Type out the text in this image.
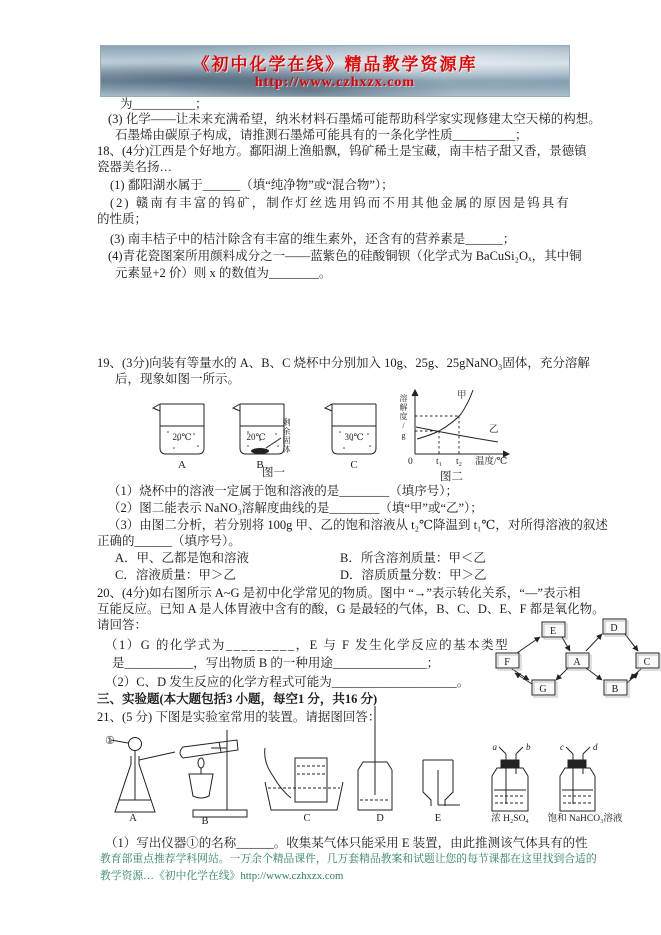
《初中化学在线》精品教学资源库
http://www.czhxzx.com
为__________；
(3) 化学——让未来充满希望，纳米材料石墨烯可能帮助科学家实现修建太空天梯的构想。
石墨烯由碳原子构成，请推测石墨烯可能具有的一条化学性质__________；
18、(4分)江西是个好地方。鄱阳湖上渔船飘，钨矿稀土是宝藏，南丰桔子甜又香，景德镇
瓷器美名扬…
(1) 鄱阳湖水属于______（填“纯净物”或“混合物”）；
(2) 赣南有丰富的钨矿，制作灯丝选用钨而不用其他金属的原因是钨具有
的性质；
(3) 南丰桔子中的桔汁除含有丰富的维生素外，还含有的营养素是______；
(4)青花瓷图案所用颜料成分之一——蓝紫色的硅酸铜钡（化学式为 BaCuSi₂Oₓ，其中铜
元素显+2 价）则 x 的数值为________。
19、(3分)向装有等量水的 A、B、C 烧杯中分别加入 10g、25g、25gNaNO₃固体，充分溶解
后，现象如图一所示。
20℃	20℃	30℃
A	B	C
剩余固体
图一
甲
乙
0 t₁ t₂ 温度/℃
溶解度/g
图二
（1）烧杯中的溶液一定属于饱和溶液的是________（填序号）；
（2）图二能表示 NaNO₃溶解度曲线的是________（填“甲”或“乙”）；
（3）由图二分析，若分别将 100g 甲、乙的饱和溶液从 t₂℃降温到 t₁℃，对所得溶液的叙述
正确的______（填序号）。
A．甲、乙都是饱和溶液	B．所含溶剂质量：甲＜乙
C．溶液质量：甲＞乙	D．溶质质量分数：甲＞乙
20、(4分)如右图所示 A~G 是初中化学常见的物质。图中 “→”表示转化关系，“—”表示相
互能反应。已知 A 是人体胃液中含有的酸，G 是最轻的气体，B、C、D、E、F 都是氧化物。
请回答：
（1）G 的化学式为_________，E 与 F 发生化学反应的基本类型
是___________，写出物质 B 的一种用途_______________；
（2）C、D 发生反应的化学方程式可能为____________________。
E	D
F	A	C
G	B
三、实验题(本大题包括3 小题，每空1 分，共16 分)
21、(5 分) 下图是实验室常用的装置。请据图回答：
①
A	B	C	D	E
a	b	c	d
浓 H₂SO₄ 饱和 NaHCO₃溶液
（1）写出仪器①的名称______。收集某气体只能采用 E 装置，由此推测该气体具有的性
教育部重点推荐学科网站。一万余个精品课件，几万套精品教案和试题让您的每节课都在这里找到合适的
教学资源…《初中化学在线》http://www.czhxzx.com
